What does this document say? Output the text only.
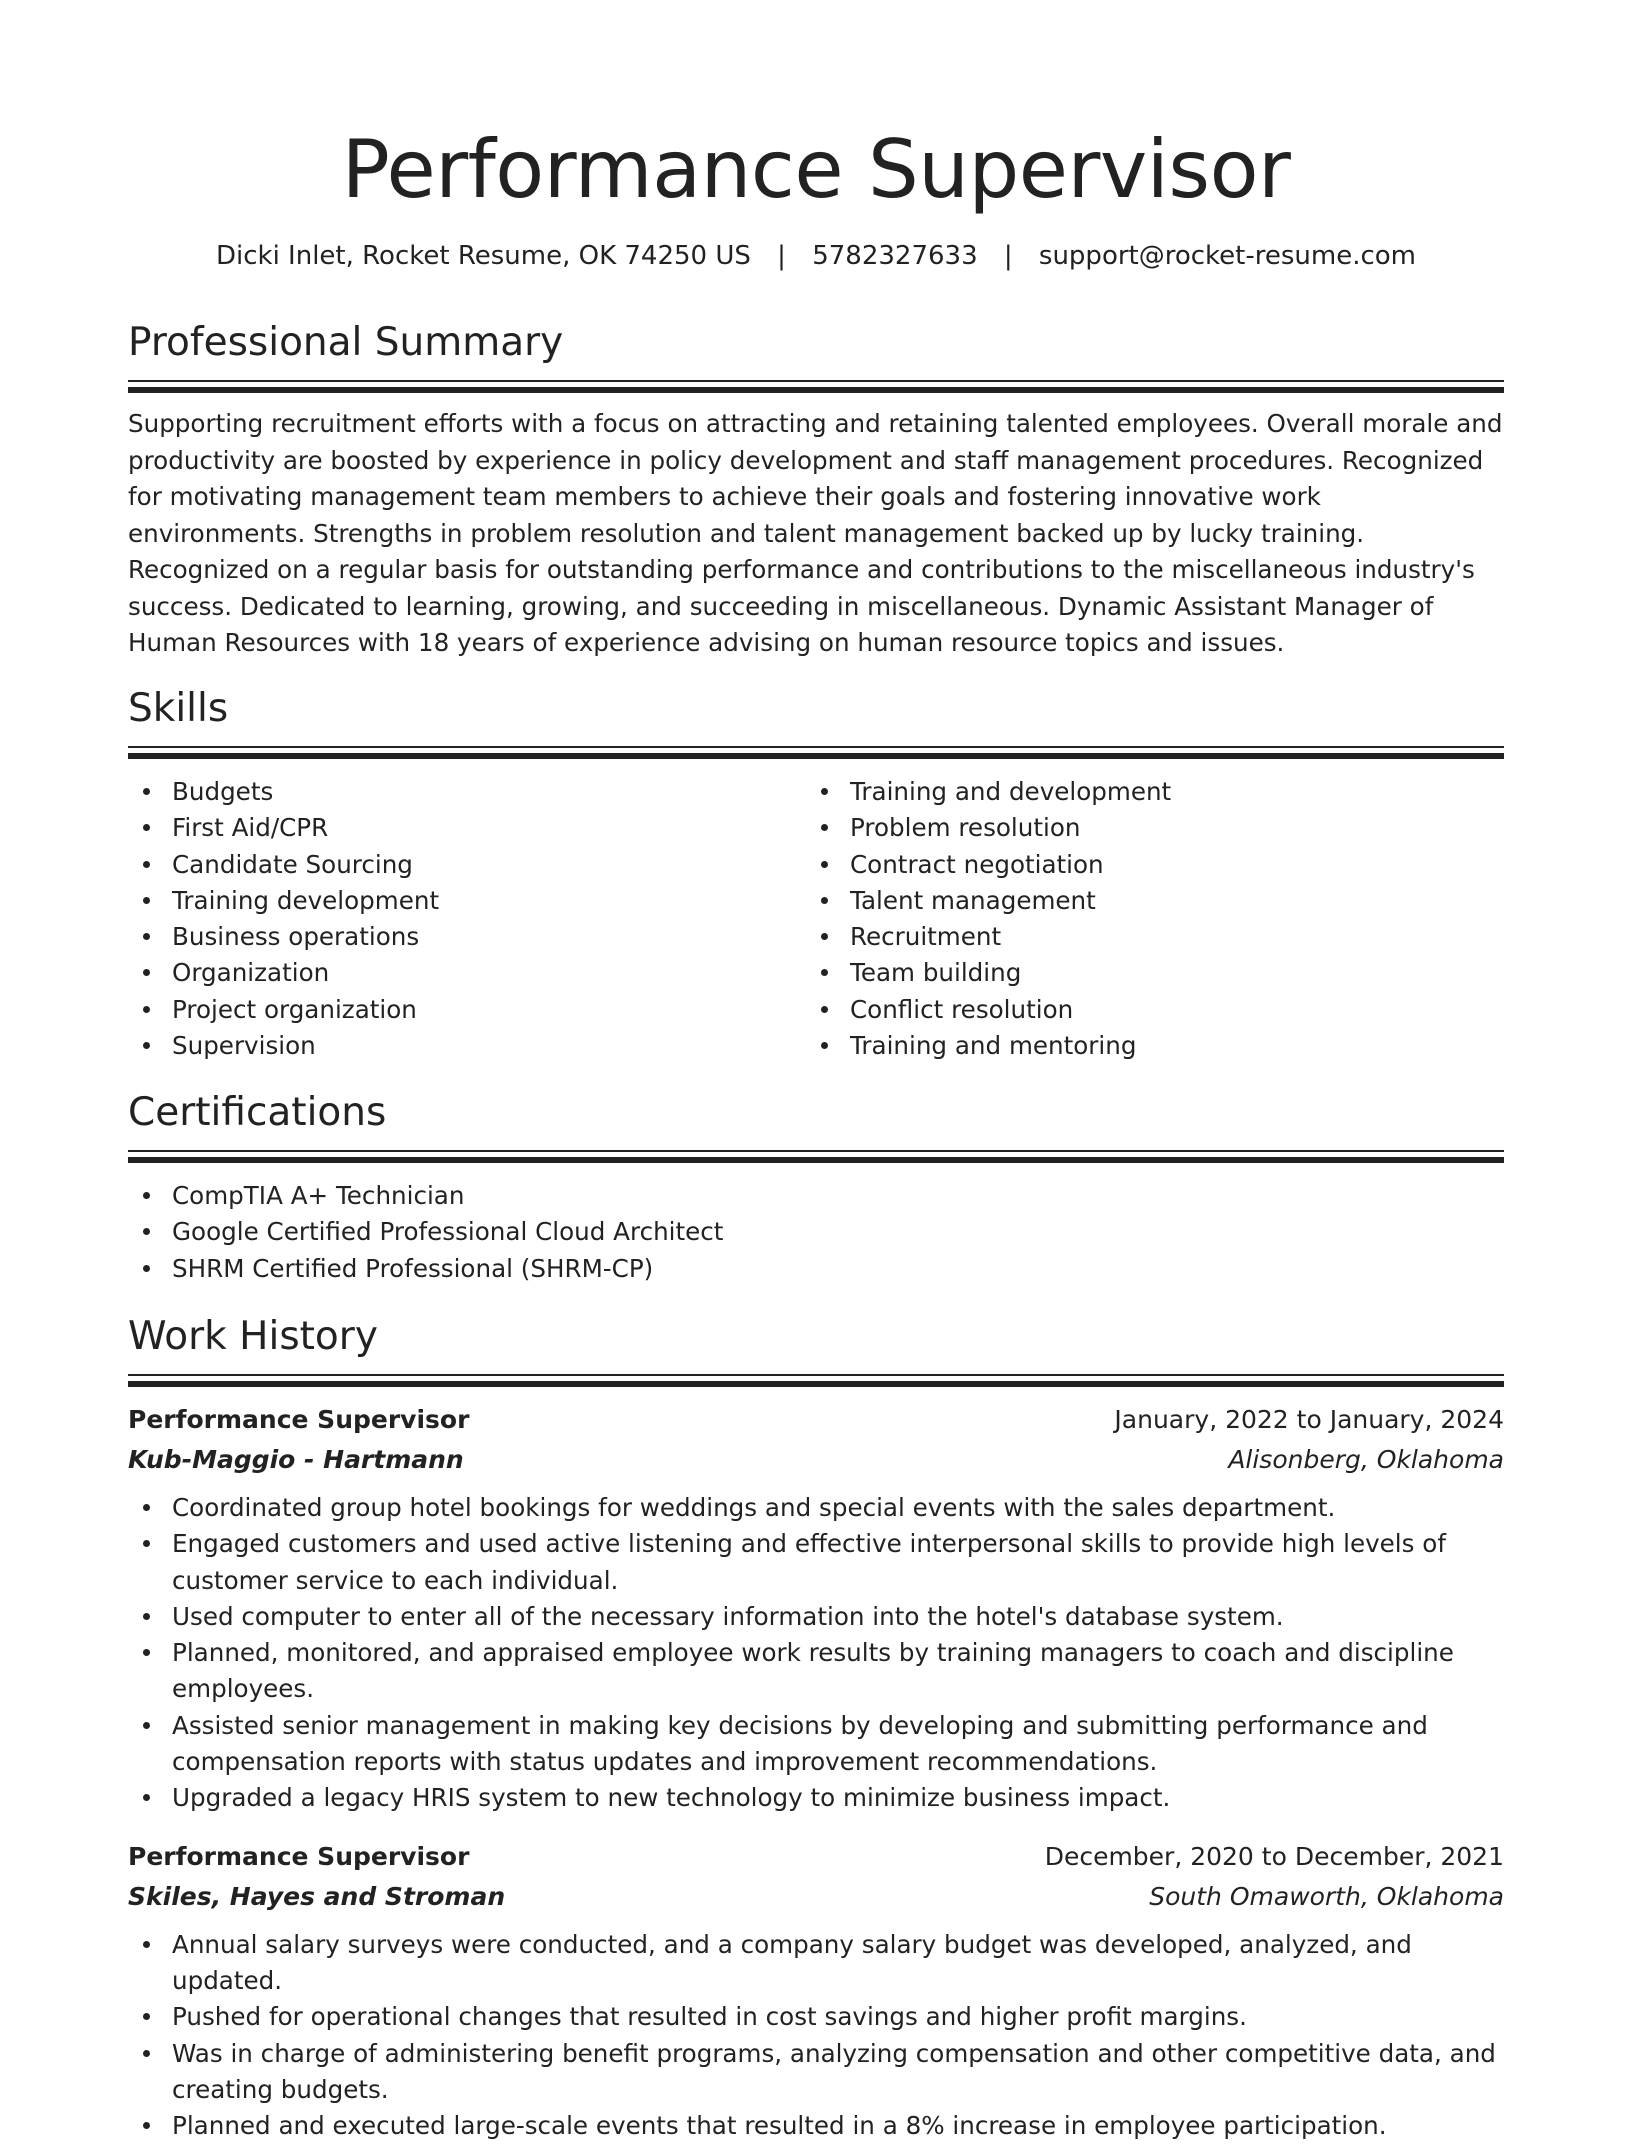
Performance Supervisor
Dicki Inlet, Rocket Resume, OK 74250 US | 5782327633 | support@rocket-resume.com
Professional Summary

Supporting recruitment efforts with a focus on attracting and retaining talented employees. Overall morale and productivity are boosted by experience in policy development and staff management procedures. Recognized for motivating management team members to achieve their goals and fostering innovative work environments. Strengths in problem resolution and talent management backed up by lucky training. Recognized on a regular basis for outstanding performance and contributions to the miscellaneous industry's success. Dedicated to learning, growing, and succeeding in miscellaneous. Dynamic Assistant Manager of Human Resources with 18 years of experience advising on human resource topics and issues.

Skills
Budgets
First Aid/CPR
Candidate Sourcing
Training development
Business operations
Organization
Project organization
Supervision
Training and development
Problem resolution
Contract negotiation
Talent management
Recruitment
Team building
Conflict resolution
Training and mentoring
Certifications
CompTIA A+ Technician
Google Certified Professional Cloud Architect
SHRM Certified Professional (SHRM-CP)
Work History
Performance Supervisor	January, 2022 to January, 2024
Kub-Maggio - Hartmann	Alisonberg, Oklahoma
Coordinated group hotel bookings for weddings and special events with the sales department.
Engaged customers and used active listening and effective interpersonal skills to provide high levels of customer service to each individual.
Used computer to enter all of the necessary information into the hotel's database system.
Planned, monitored, and appraised employee work results by training managers to coach and discipline employees.
Assisted senior management in making key decisions by developing and submitting performance and compensation reports with status updates and improvement recommendations.
Upgraded a legacy HRIS system to new technology to minimize business impact.
Performance Supervisor	December, 2020 to December, 2021
Skiles, Hayes and Stroman	South Omaworth, Oklahoma
Annual salary surveys were conducted, and a company salary budget was developed, analyzed, and updated.
Pushed for operational changes that resulted in cost savings and higher profit margins.
Was in charge of administering benefit programs, analyzing compensation and other competitive data, and creating budgets.
Planned and executed large-scale events that resulted in a 8% increase in employee participation.
